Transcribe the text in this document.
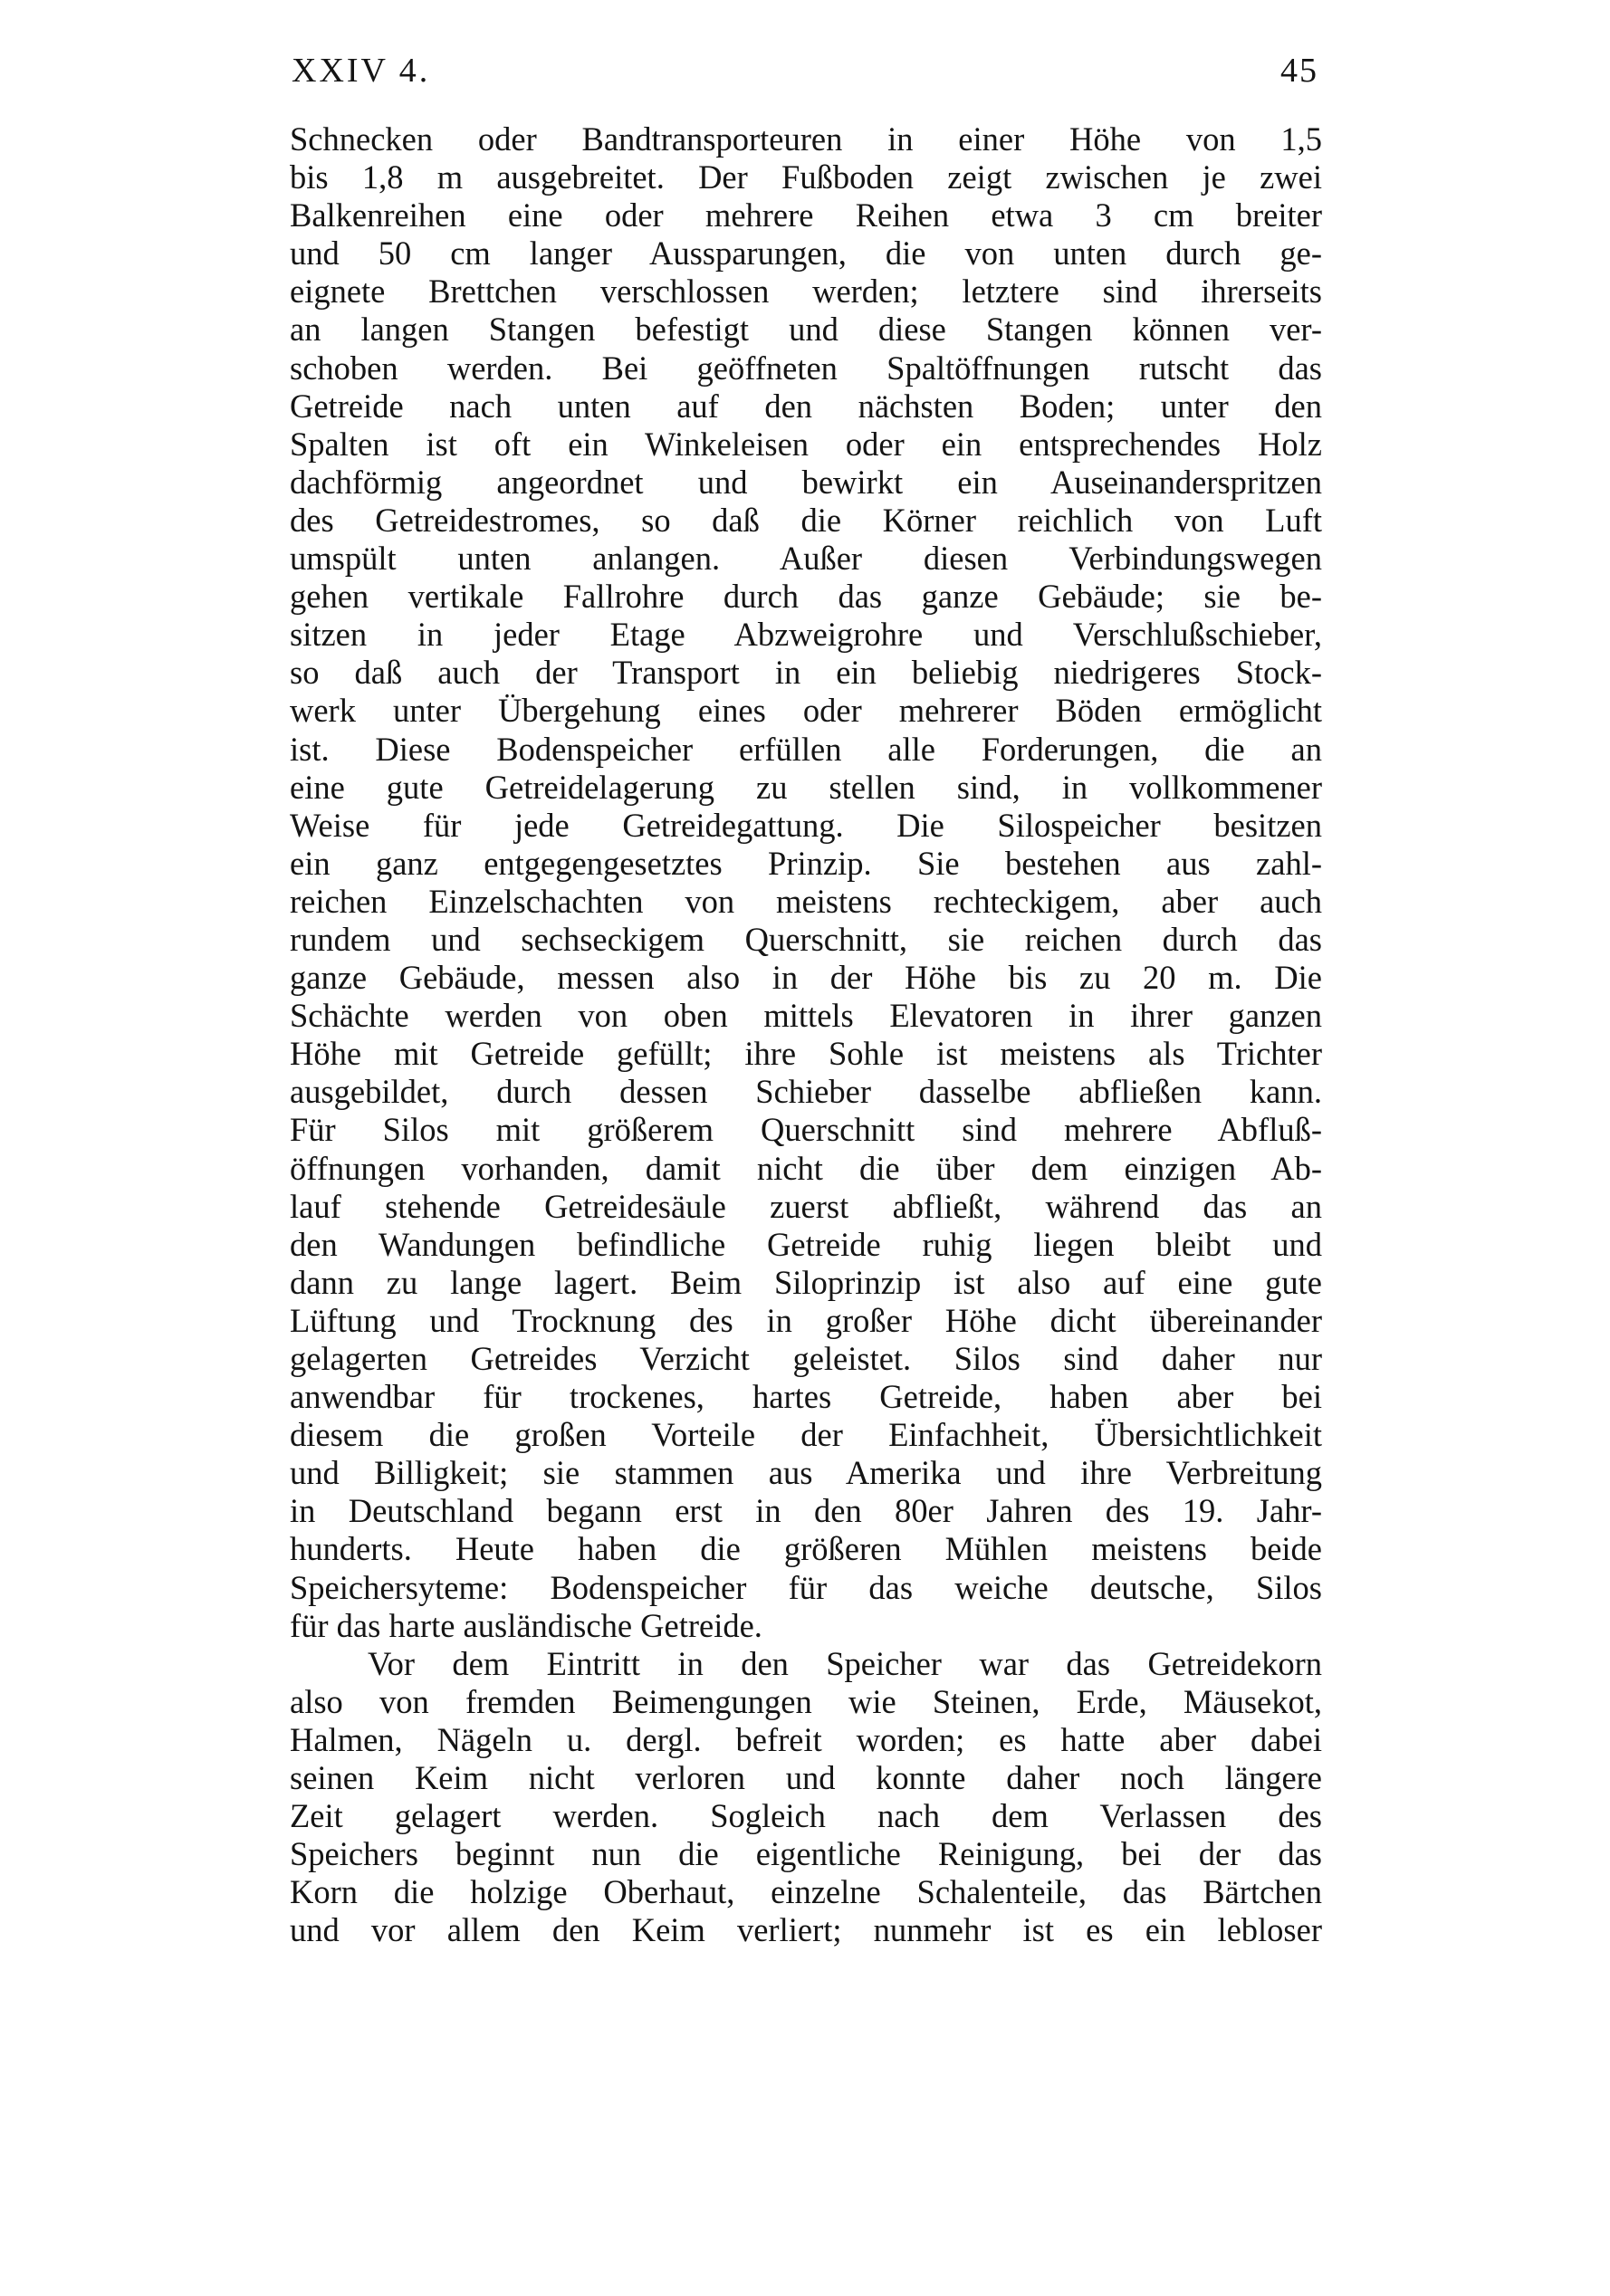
XXIV 4.	45
Schnecken oder Bandtransporteuren in einer Höhe von 1,5
bis 1,8 m ausgebreitet. Der Fußboden zeigt zwischen je zwei
Balkenreihen eine oder mehrere Reihen etwa 3 cm breiter
und 50 cm langer Aussparungen, die von unten durch ge-
eignete Brettchen verschlossen werden; letztere sind ihrerseits
an langen Stangen befestigt und diese Stangen können ver-
schoben werden. Bei geöffneten Spaltöffnungen rutscht das
Getreide nach unten auf den nächsten Boden; unter den
Spalten ist oft ein Winkeleisen oder ein entsprechendes Holz
dachförmig angeordnet und bewirkt ein Auseinanderspritzen
des Getreidestromes, so daß die Körner reichlich von Luft
umspült unten anlangen. Außer diesen Verbindungswegen
gehen vertikale Fallrohre durch das ganze Gebäude; sie be-
sitzen in jeder Etage Abzweigrohre und Verschlußschieber,
so daß auch der Transport in ein beliebig niedrigeres Stock-
werk unter Übergehung eines oder mehrerer Böden ermöglicht
ist. Diese Bodenspeicher erfüllen alle Forderungen, die an
eine gute Getreidelagerung zu stellen sind, in vollkommener
Weise für jede Getreidegattung. Die Silospeicher besitzen
ein ganz entgegengesetztes Prinzip. Sie bestehen aus zahl-
reichen Einzelschachten von meistens rechteckigem, aber auch
rundem und sechseckigem Querschnitt, sie reichen durch das
ganze Gebäude, messen also in der Höhe bis zu 20 m. Die
Schächte werden von oben mittels Elevatoren in ihrer ganzen
Höhe mit Getreide gefüllt; ihre Sohle ist meistens als Trichter
ausgebildet, durch dessen Schieber dasselbe abfließen kann.
Für Silos mit größerem Querschnitt sind mehrere Abfluß-
öffnungen vorhanden, damit nicht die über dem einzigen Ab-
lauf stehende Getreidesäule zuerst abfließt, während das an
den Wandungen befindliche Getreide ruhig liegen bleibt und
dann zu lange lagert. Beim Siloprinzip ist also auf eine gute
Lüftung und Trocknung des in großer Höhe dicht übereinander
gelagerten Getreides Verzicht geleistet. Silos sind daher nur
anwendbar für trockenes, hartes Getreide, haben aber bei
diesem die großen Vorteile der Einfachheit, Übersichtlichkeit
und Billigkeit; sie stammen aus Amerika und ihre Verbreitung
in Deutschland begann erst in den 80er Jahren des 19. Jahr-
hunderts. Heute haben die größeren Mühlen meistens beide
Speichersyteme: Bodenspeicher für das weiche deutsche, Silos
für das harte ausländische Getreide.
Vor dem Eintritt in den Speicher war das Getreidekorn
also von fremden Beimengungen wie Steinen, Erde, Mäusekot,
Halmen, Nägeln u. dergl. befreit worden; es hatte aber dabei
seinen Keim nicht verloren und konnte daher noch längere
Zeit gelagert werden. Sogleich nach dem Verlassen des
Speichers beginnt nun die eigentliche Reinigung, bei der das
Korn die holzige Oberhaut, einzelne Schalenteile, das Bärtchen
und vor allem den Keim verliert; nunmehr ist es ein lebloser
